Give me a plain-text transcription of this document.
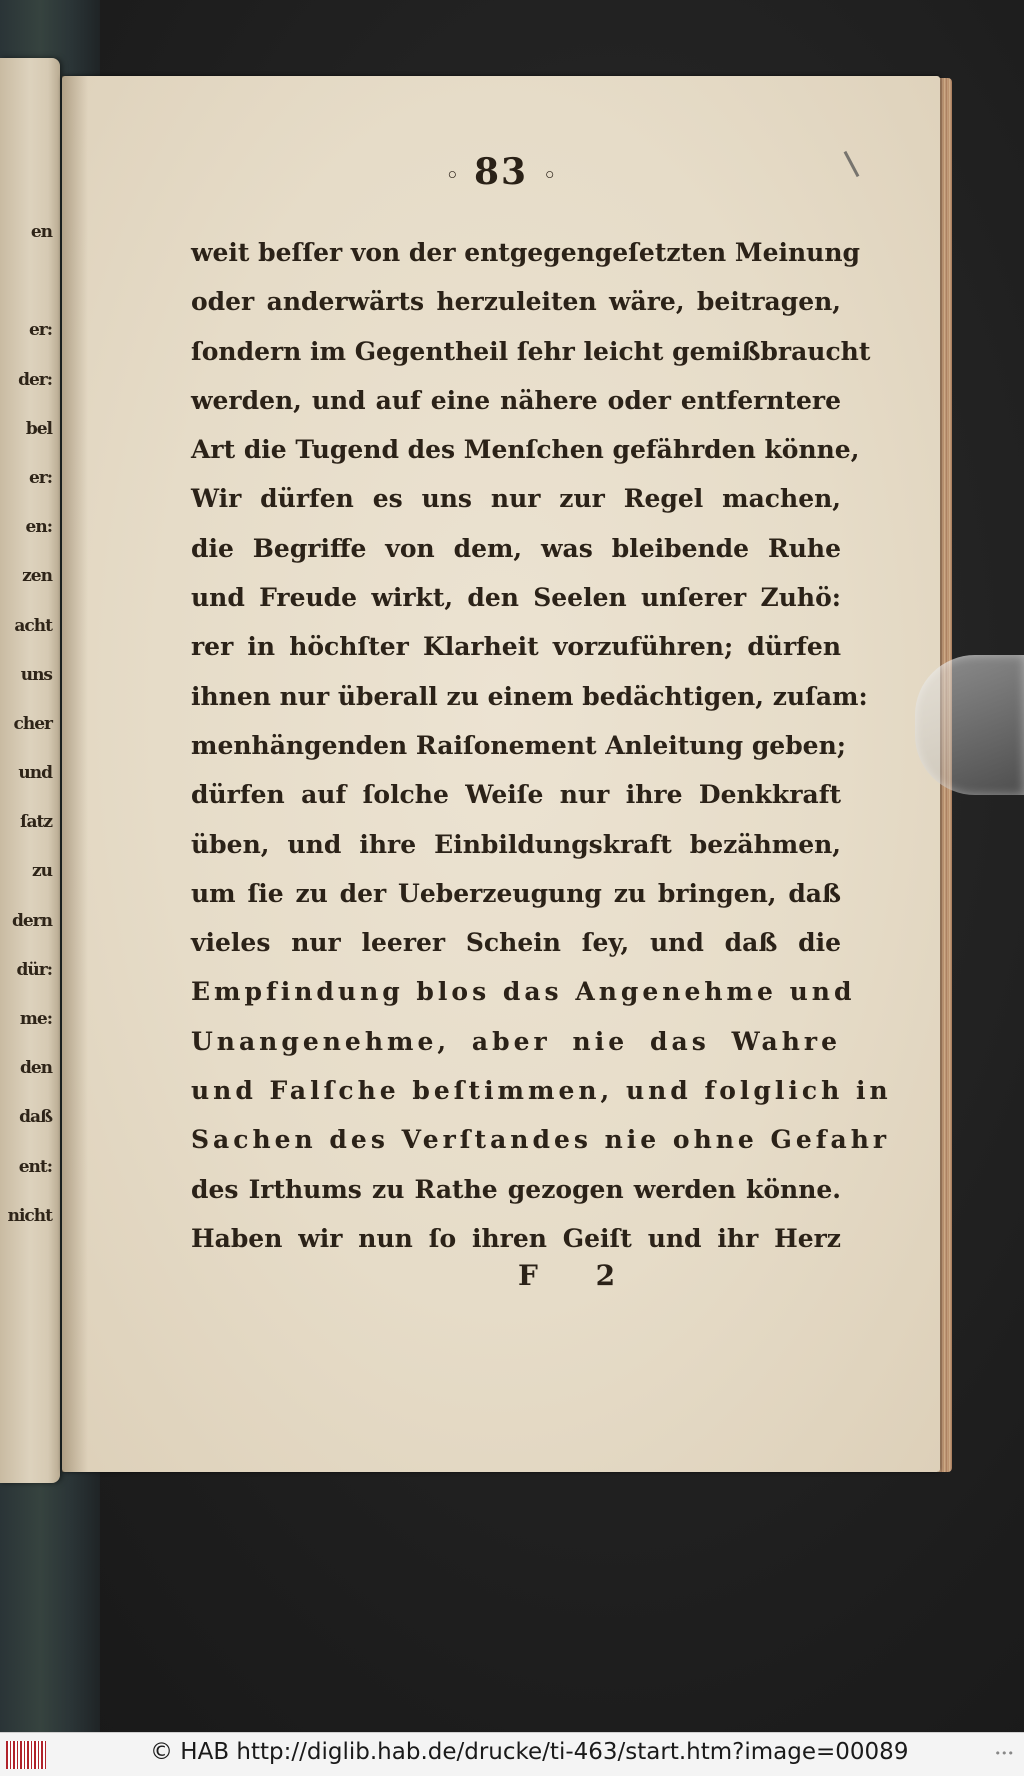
en
er:
der:
bel
er:
en:
zen
acht
uns
cher
und
ſatz
zu
dern
dür:
me:
den
daß
ent:
nicht
◦ 83 ◦
weit beſſer von der entgegengeſetzten Meinung
oder anderwärts herzuleiten wäre, beitragen,
ſondern im Gegentheil ſehr leicht gemißbraucht
werden, und auf eine nähere oder entferntere
Art die Tugend des Menſchen gefährden könne,
Wir dürfen es uns nur zur Regel machen,
die Begriffe von dem, was bleibende Ruhe
und Freude wirkt, den Seelen unſerer Zuhö:
rer in höchſter Klarheit vorzuführen; dürfen
ihnen nur überall zu einem bedächtigen, zuſam:
menhängenden Raiſonement Anleitung geben;
dürfen auf ſolche Weiſe nur ihre Denkkraft
üben, und ihre Einbildungskraft bezähmen,
um ſie zu der Ueberzeugung zu bringen, daß
vieles nur leerer Schein ſey, und daß die
Empfindung blos das Angenehme und
Unangenehme, aber nie das Wahre
und Falſche beſtimmen, und folglich in
Sachen des Verſtandes nie ohne Gefahr
des Irthums zu Rathe gezogen werden könne.
Haben wir nun ſo ihren Geiſt und ihr Herz
F 2
© HAB http://diglib.hab.de/drucke/ti-463/start.htm?image=00089	•••
